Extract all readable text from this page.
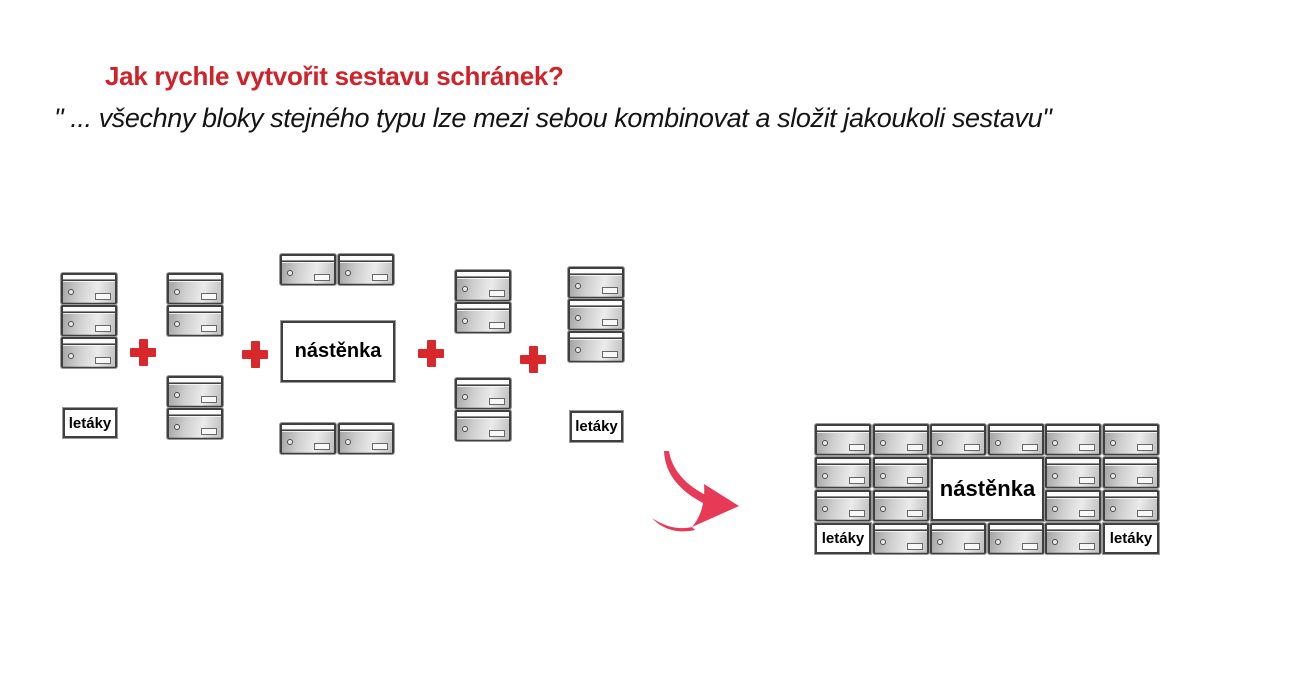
Jak rychle vytvořit sestavu schránek?
" ... všechny bloky stejného typu lze mezi sebou kombinovat a složit jakoukoli sestavu"
letáky
nástěnka
letáky
nástěnka
letáky	letáky
